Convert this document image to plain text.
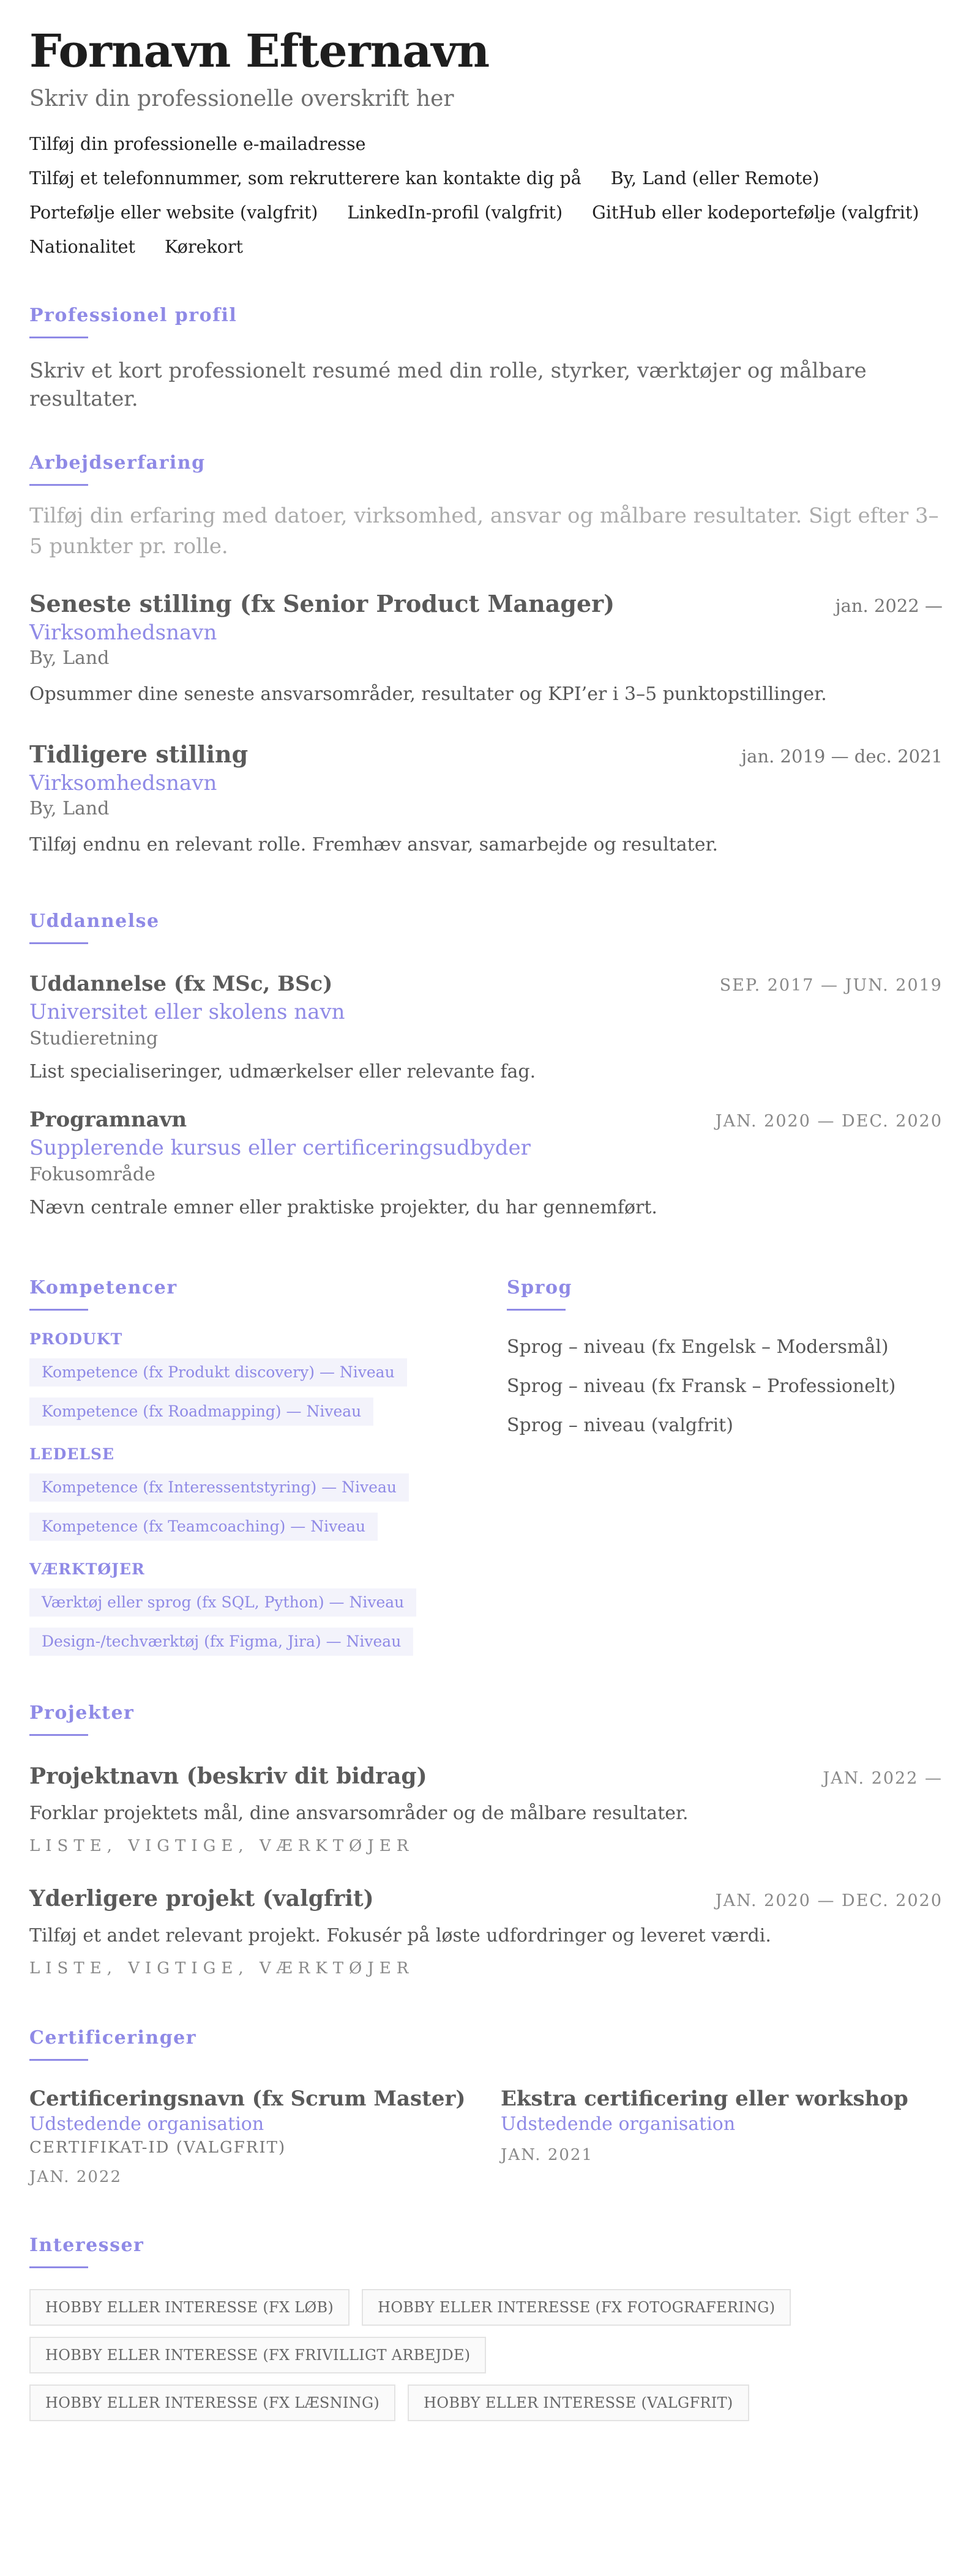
Fornavn Efternavn
Skriv din professionelle overskrift her
Tilføj din professionelle e-mailadresse
Tilføj et telefonnummer, som rekrutterere kan kontakte dig på By, Land (eller Remote)
Portefølje eller website (valgfrit) LinkedIn-profil (valgfrit) GitHub eller kodeportefølje (valgfrit)
Nationalitet Kørekort
Professionel profil
Skriv et kort professionelt resumé med din rolle, styrker, værktøjer og målbare resultater.
Arbejdserfaring
Tilføj din erfaring med datoer, virksomhed, ansvar og målbare resultater. Sigt efter 3–5 punkter pr. rolle.
Seneste stilling (fx Senior Product Manager)	jan. 2022 —
Virksomhedsnavn
By, Land
Opsummer dine seneste ansvarsområder, resultater og KPI’er i 3–5 punktopstillinger.
Tidligere stilling	jan. 2019 — dec. 2021
Virksomhedsnavn
By, Land
Tilføj endnu en relevant rolle. Fremhæv ansvar, samarbejde og resultater.
Uddannelse
Uddannelse (fx MSc, BSc)	SEP. 2017 — JUN. 2019
Universitet eller skolens navn
Studieretning
List specialiseringer, udmærkelser eller relevante fag.
Programnavn	JAN. 2020 — DEC. 2020
Supplerende kursus eller certificeringsudbyder
Fokusområde
Nævn centrale emner eller praktiske projekter, du har gennemført.
Kompetencer
PRODUKT
Kompetence (fx Produkt discovery) — Niveau
Kompetence (fx Roadmapping) — Niveau
LEDELSE
Kompetence (fx Interessentstyring) — Niveau
Kompetence (fx Teamcoaching) — Niveau
VÆRKTØJER
Værktøj eller sprog (fx SQL, Python) — Niveau
Design-/techværktøj (fx Figma, Jira) — Niveau
Sprog
Sprog – niveau (fx Engelsk – Modersmål)
Sprog – niveau (fx Fransk – Professionelt)
Sprog – niveau (valgfrit)
Projekter
Projektnavn (beskriv dit bidrag)	JAN. 2022 —
Forklar projektets mål, dine ansvarsområder og de målbare resultater.
LISTE, VIGTIGE, VÆRKTØJER
Yderligere projekt (valgfrit)	JAN. 2020 — DEC. 2020
Tilføj et andet relevant projekt. Fokusér på løste udfordringer og leveret værdi.
LISTE, VIGTIGE, VÆRKTØJER
Certificeringer
Certificeringsnavn (fx Scrum Master)
Udstedende organisation
CERTIFIKAT-ID (VALGFRIT)
JAN. 2022
Ekstra certificering eller workshop
Udstedende organisation
JAN. 2021
Interesser
HOBBY ELLER INTERESSE (FX LØB)	HOBBY ELLER INTERESSE (FX FOTOGRAFERING)
HOBBY ELLER INTERESSE (FX FRIVILLIGT ARBEJDE)
HOBBY ELLER INTERESSE (FX LÆSNING)	HOBBY ELLER INTERESSE (VALGFRIT)
